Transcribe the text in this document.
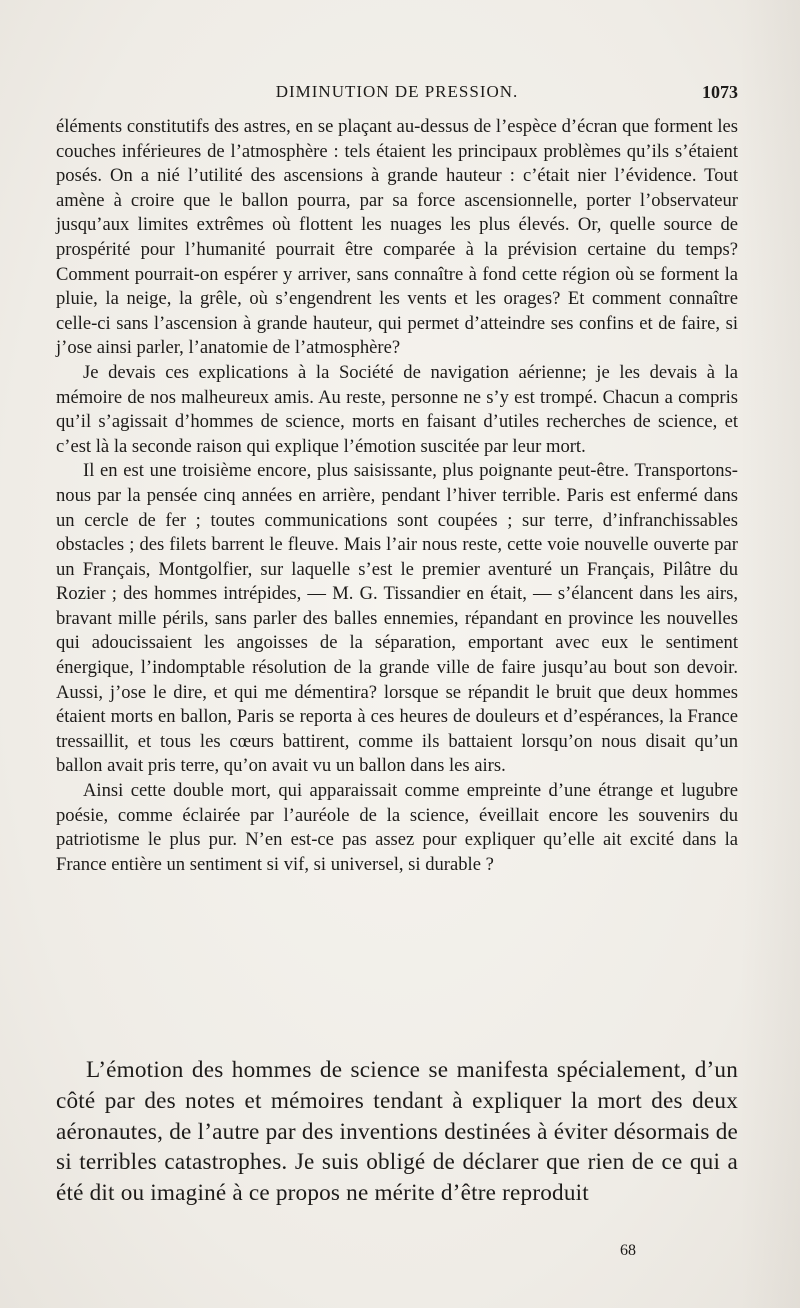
DIMINUTION DE PRESSION.	1073

éléments constitutifs des astres, en se plaçant au-dessus de l’espèce d’écran que forment les couches inférieures de l’atmosphère : tels étaient les principaux problèmes qu’ils s’étaient posés. On a nié l’utilité des ascensions à grande hauteur : c’était nier l’évidence. Tout amène à croire que le ballon pourra, par sa force ascensionnelle, porter l’observateur jusqu’aux limites extrêmes où flottent les nuages les plus élevés. Or, quelle source de prospérité pour l’humanité pourrait être comparée à la prévision certaine du temps? Comment pourrait-on espérer y arriver, sans connaître à fond cette région où se forment la pluie, la neige, la grêle, où s’engendrent les vents et les orages? Et comment connaître celle-ci sans l’ascension à grande hauteur, qui permet d’atteindre ses confins et de faire, si j’ose ainsi parler, l’anatomie de l’atmosphère?

Je devais ces explications à la Société de navigation aérienne; je les devais à la mémoire de nos malheureux amis. Au reste, personne ne s’y est trompé. Chacun a compris qu’il s’agissait d’hommes de science, morts en faisant d’utiles recherches de science, et c’est là la seconde raison qui explique l’émotion suscitée par leur mort.

Il en est une troisième encore, plus saisissante, plus poignante peut-être. Transportons-nous par la pensée cinq années en arrière, pendant l’hiver terrible. Paris est enfermé dans un cercle de fer ; toutes communications sont coupées ; sur terre, d’infranchissables obstacles ; des filets barrent le fleuve. Mais l’air nous reste, cette voie nouvelle ouverte par un Français, Montgolfier, sur laquelle s’est le premier aventuré un Français, Pilâtre du Rozier ; des hommes intrépides, — M. G. Tissandier en était, — s’élancent dans les airs, bravant mille périls, sans parler des balles ennemies, répandant en province les nouvelles qui adoucissaient les angoisses de la séparation, emportant avec eux le sentiment énergique, l’indomptable résolution de la grande ville de faire jusqu’au bout son devoir. Aussi, j’ose le dire, et qui me démentira? lorsque se répandit le bruit que deux hommes étaient morts en ballon, Paris se reporta à ces heures de douleurs et d’espérances, la France tressaillit, et tous les cœurs battirent, comme ils battaient lorsqu’on nous disait qu’un ballon avait pris terre, qu’on avait vu un ballon dans les airs.

Ainsi cette double mort, qui apparaissait comme empreinte d’une étrange et lugubre poésie, comme éclairée par l’auréole de la science, éveillait encore les souvenirs du patriotisme le plus pur. N’en est-ce pas assez pour expliquer qu’elle ait excité dans la France entière un sentiment si vif, si universel, si durable ?

L’émotion des hommes de science se manifesta spécialement, d’un côté par des notes et mémoires tendant à expliquer la mort des deux aéronautes, de l’autre par des inventions destinées à éviter désormais de si terribles catastrophes. Je suis obligé de déclarer que rien de ce qui a été dit ou imaginé à ce propos ne mérite d’être reproduit

68
